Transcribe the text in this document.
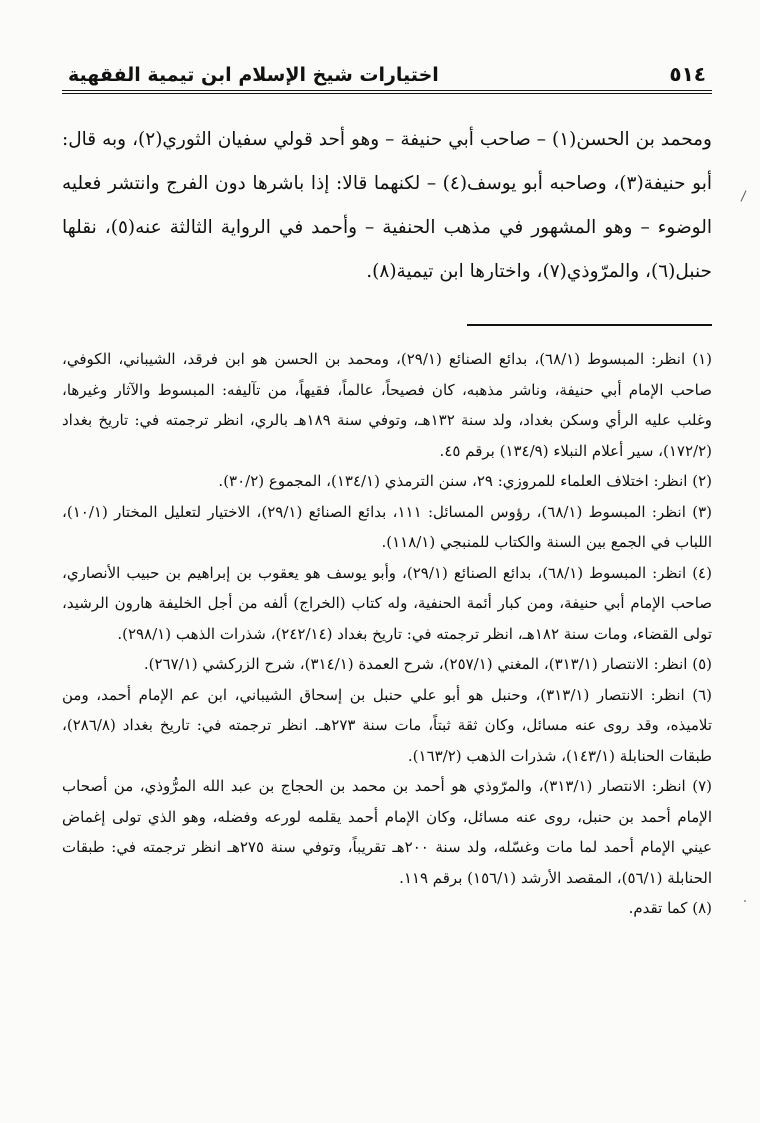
٥١٤
اختيارات شيخ الإسلام ابن تيمية الفقهية

ومحمد بن الحسن(١) – صاحب أبي حنيفة – وهو أحد قولي سفيان الثوري(٢)، وبه قال: أبو حنيفة(٣)، وصاحبه أبو يوسف(٤) – لكنهما قالا: إذا باشرها دون الفرج وانتشر فعليه الوضوء – وهو المشهور في مذهب الحنفية – وأحمد في الرواية الثالثة عنه(٥)، نقلها حنبل(٦)، والمرّوذي(٧)، واختارها ابن تيمية(٨).

(١) انظر: المبسوط (٦٨/١)، بدائع الصنائع (٢٩/١)، ومحمد بن الحسن هو ابن فرقد، الشيباني، الكوفي، صاحب الإمام أبي حنيفة، وناشر مذهبه، كان فصيحاً، عالماً، فقيهاً، من تآليفه: المبسوط والآثار وغيرها، وغلب عليه الرأي وسكن بغداد، ولد سنة ١٣٢هـ، وتوفي سنة ١٨٩هـ بالري، انظر ترجمته في: تاريخ بغداد (١٧٢/٢)، سير أعلام النبلاء (١٣٤/٩) برقم ٤٥.

(٢) انظر: اختلاف العلماء للمروزي: ٢٩، سنن الترمذي (١٣٤/١)، المجموع (٣٠/٢).

(٣) انظر: المبسوط (٦٨/١)، رؤوس المسائل: ١١١، بدائع الصنائع (٢٩/١)، الاختيار لتعليل المختار (١٠/١)، اللباب في الجمع بين السنة والكتاب للمنبجي (١١٨/١).

(٤) انظر: المبسوط (٦٨/١)، بدائع الصنائع (٢٩/١)، وأبو يوسف هو يعقوب بن إبراهيم بن حبيب الأنصاري، صاحب الإمام أبي حنيفة، ومن كبار أئمة الحنفية، وله كتاب (الخراج) ألفه من أجل الخليفة هارون الرشيد، تولى القضاء، ومات سنة ١٨٢هـ، انظر ترجمته في: تاريخ بغداد (٢٤٢/١٤)، شذرات الذهب (٢٩٨/١).

(٥) انظر: الانتصار (٣١٣/١)، المغني (٢٥٧/١)، شرح العمدة (٣١٤/١)، شرح الزركشي (٢٦٧/١).

(٦) انظر: الانتصار (٣١٣/١)، وحنبل هو أبو علي حنبل بن إسحاق الشيباني، ابن عم الإمام أحمد، ومن تلاميذه، وقد روى عنه مسائل، وكان ثقة ثبتاً، مات سنة ٢٧٣هـ. انظر ترجمته في: تاريخ بغداد (٢٨٦/٨)، طبقات الحنابلة (١٤٣/١)، شذرات الذهب (١٦٣/٢).

(٧) انظر: الانتصار (٣١٣/١)، والمرّوذي هو أحمد بن محمد بن الحجاج بن عبد الله المرُّوذي، من أصحاب الإمام أحمد بن حنبل، روى عنه مسائل، وكان الإمام أحمد يقلمه لورعه وفضله، وهو الذي تولى إغماض عيني الإمام أحمد لما مات وغسّله، ولد سنة ٢٠٠هـ تقريباً، وتوفي سنة ٢٧٥هـ انظر ترجمته في: طبقات الحنابلة (٥٦/١)، المقصد الأرشد (١٥٦/١) برقم ١١٩.

(٨) كما تقدم.
